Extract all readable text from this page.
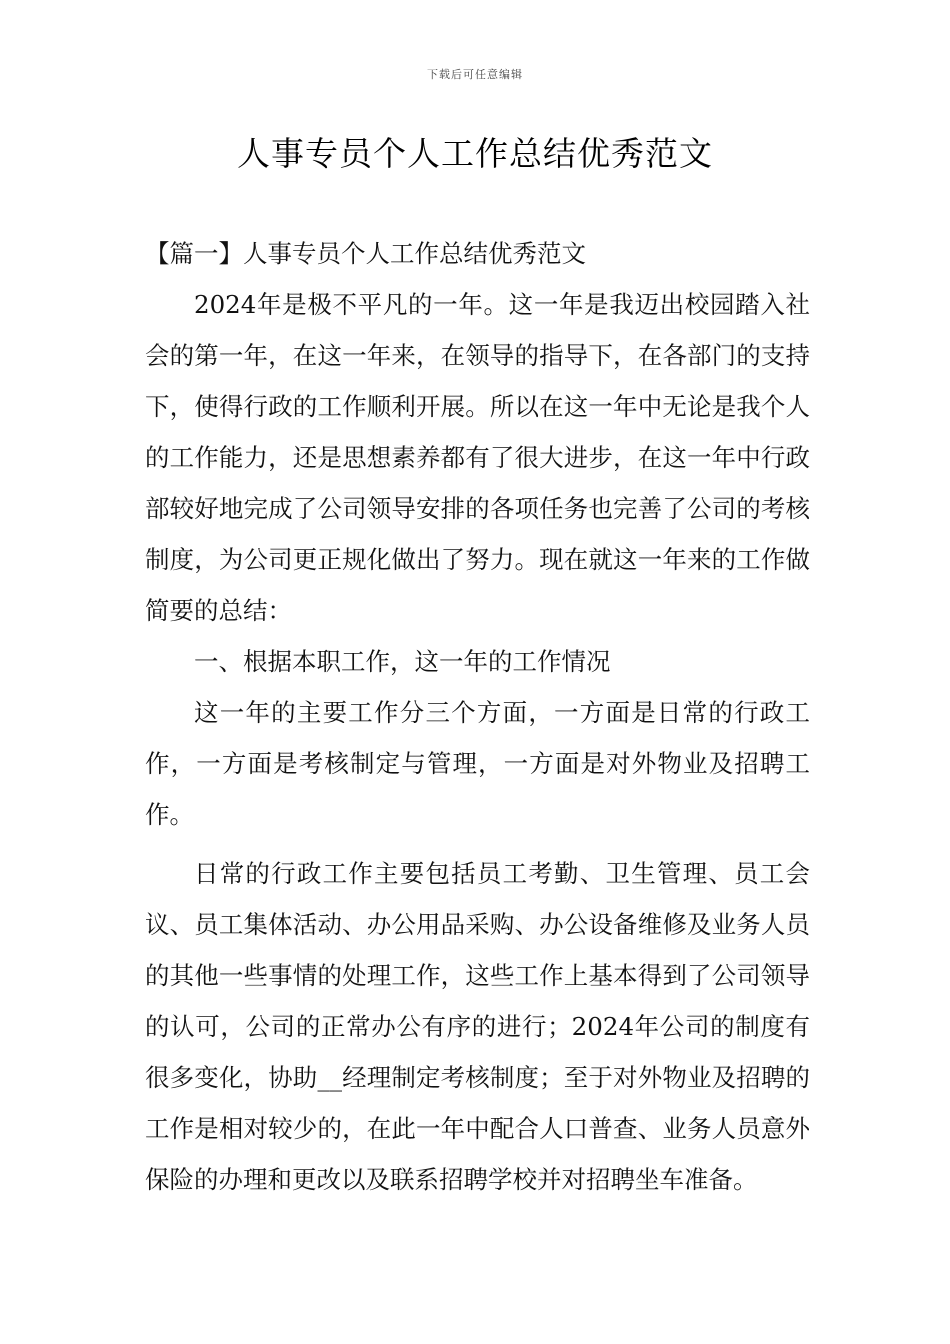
下载后可任意编辑
人事专员个人工作总结优秀范文

【篇一】人事专员个人工作总结优秀范文

2024年是极不平凡的一年。这一年是我迈出校园踏入社会的第一年，在这一年来，在领导的指导下，在各部门的支持下，使得行政的工作顺利开展。所以在这一年中无论是我个人的工作能力，还是思想素养都有了很大进步，在这一年中行政部较好地完成了公司领导安排的各项任务也完善了公司的考核制度，为公司更正规化做出了努力。现在就这一年来的工作做简要的总结：

一、根据本职工作，这一年的工作情况

这一年的主要工作分三个方面，一方面是日常的行政工作，一方面是考核制定与管理，一方面是对外物业及招聘工作。

日常的行政工作主要包括员工考勤、卫生管理、员工会议、员工集体活动、办公用品采购、办公设备维修及业务人员的其他一些事情的处理工作，这些工作上基本得到了公司领导的认可，公司的正常办公有序的进行；2024年公司的制度有很多变化，协助__经理制定考核制度；至于对外物业及招聘的工作是相对较少的，在此一年中配合人口普查、业务人员意外保险的办理和更改以及联系招聘学校并对招聘坐车准备。
